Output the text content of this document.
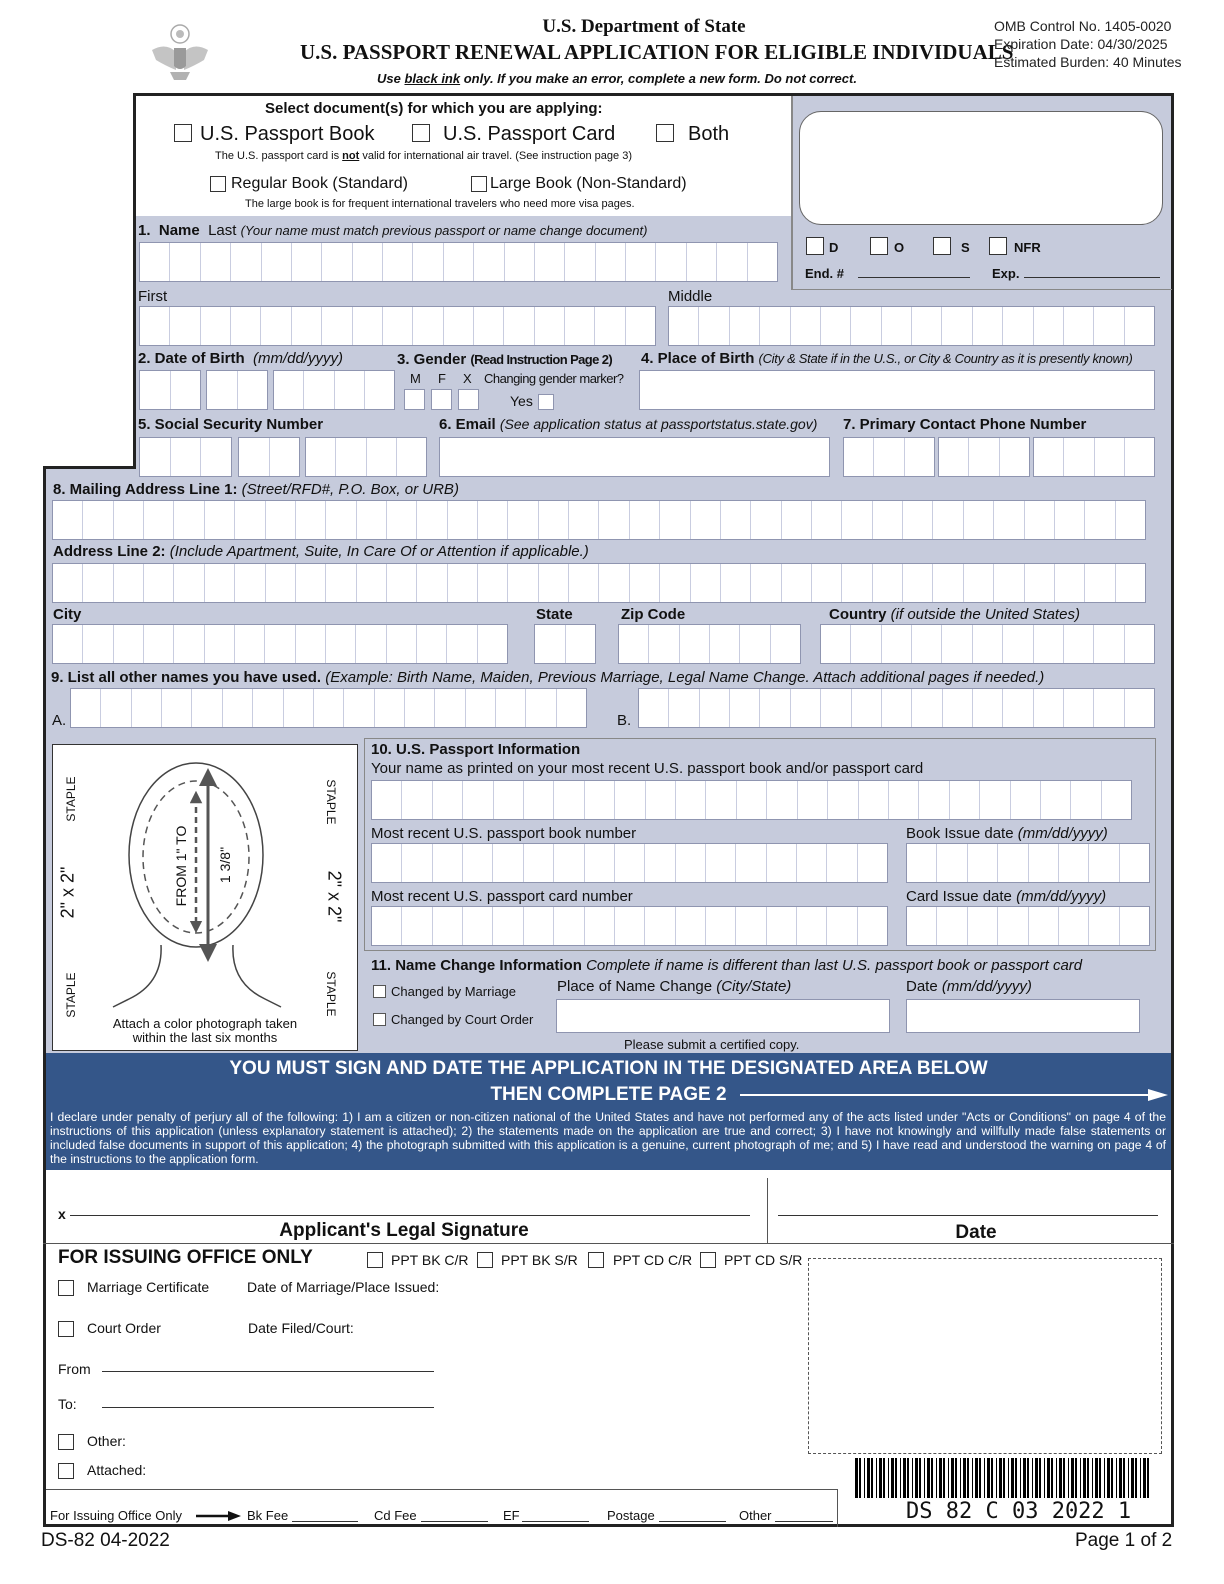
U.S. Department of State
U.S. PASSPORT RENEWAL APPLICATION FOR ELIGIBLE INDIVIDUALS
Use black ink only. If you make an error, complete a new form. Do not correct.
OMB Control No. 1405-0020
Expiration Date: 04/30/2025
Estimated Burden: 40 Minutes
Select document(s) for which you are applying:
U.S. Passport Book	U.S. Passport Card	Both
The U.S. passport card is not valid for international air travel. (See instruction page 3)
Regular Book (Standard)	Large Book (Non-Standard)
The large book is for frequent international travelers who need more visa pages.
D	O	S	NFR
End. #	Exp.
1. Name Last (Your name must match previous passport or name change document)
First	Middle
2. Date of Birth (mm/dd/yyyy)	3. Gender (Read Instruction Page 2)
M F X Changing gender marker?
Yes
4. Place of Birth (City & State if in the U.S., or City & Country as it is presently known)
5. Social Security Number	6. Email (See application status at passportstatus.state.gov) 7. Primary Contact Phone Number
8. Mailing Address Line 1: (Street/RFD#, P.O. Box, or URB)
Address Line 2: (Include Apartment, Suite, In Care Of or Attention if applicable.)
City	State	Zip Code	Country (if outside the United States)
9. List all other names you have used. (Example: Birth Name, Maiden, Previous Marriage, Legal Name Change. Attach additional pages if needed.)
A.	B.
STAPLE
STAPLE
STAPLE
STAPLE
2" x 2"	2" x 2"
FROM 1" TO 1 3/8"
Attach a color photograph taken
within the last six months
10. U.S. Passport Information
Your name as printed on your most recent U.S. passport book and/or passport card
Most recent U.S. passport book number	Book Issue date (mm/dd/yyyy)
Most recent U.S. passport card number	Card Issue date (mm/dd/yyyy)
11. Name Change Information Complete if name is different than last U.S. passport book or passport card
Changed by Marriage
Changed by Court Order
Place of Name Change (City/State)	Date (mm/dd/yyyy)
Please submit a certified copy.
YOU MUST SIGN AND DATE THE APPLICATION IN THE DESIGNATED AREA BELOW
THEN COMPLETE PAGE 2
I declare under penalty of perjury all of the following: 1) I am a citizen or non-citizen national of the United States and have not performed any of the acts listed under "Acts or Conditions" on page 4 of the instructions of this application (unless explanatory statement is attached); 2) the statements made on the application are true and correct; 3) I have not knowingly and willfully made false statements or included false documents in support of this application; 4) the photograph submitted with this application is a genuine, current photograph of me; and 5) I have read and understood the warning on page 4 of the instructions to the application form.
x
Applicant's Legal Signature	Date
FOR ISSUING OFFICE ONLY	PPT BK C/R PPT BK S/R	PPT CD C/R PPT CD S/R
Marriage Certificate	Date of Marriage/Place Issued:
Court Order	Date Filed/Court:
From
To:
Other:
Attached:
For Issuing Office Only	Bk Fee	Cd Fee	EF	Postage	Other	DS 82 C 03 2022 1
DS-82 04-2022	Page 1 of 2
